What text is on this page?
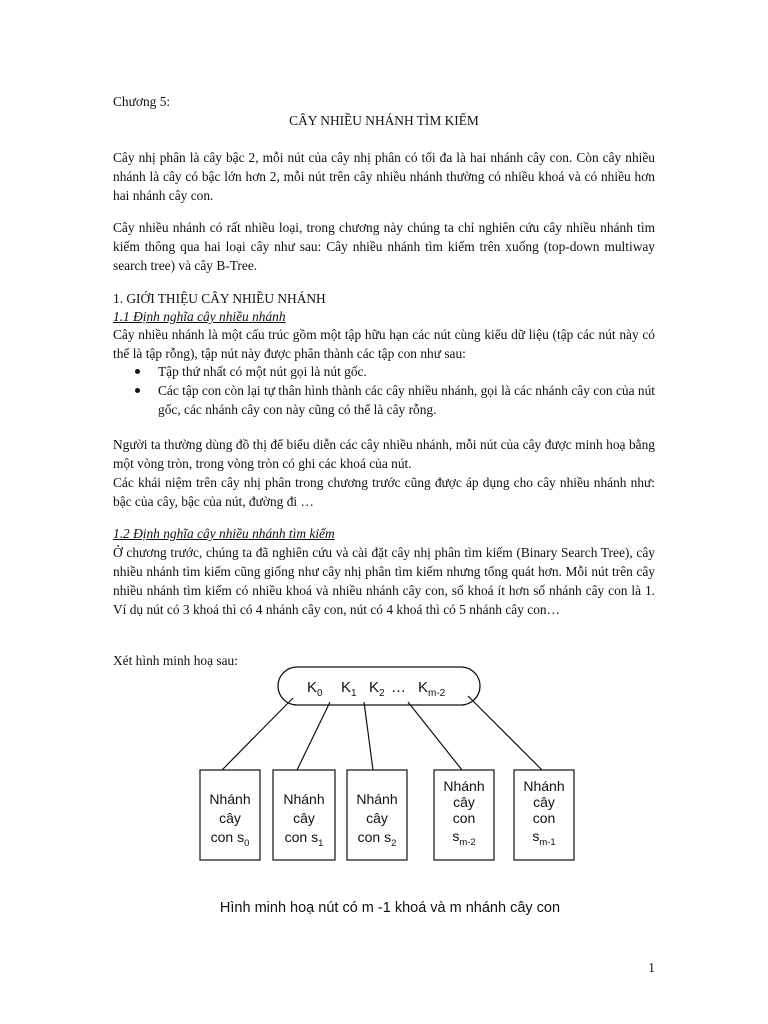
Chương 5:

CÂY NHIỀU NHÁNH TÌM KIẾM

Cây nhị phân là cây bậc 2, mỗi nút của cây nhị phân có tối đa là hai nhánh cây con. Còn cây nhiều nhánh là cây có bậc lớn hơn 2, mỗi nút trên cây nhiều nhánh thường có nhiều khoá và có nhiều hơn hai nhánh cây con.

Cây nhiều nhánh có rất nhiều loại, trong chương này chúng ta chỉ nghiên cứu cây nhiều nhánh tìm kiếm thông qua hai loại cây như sau: Cây nhiều nhánh tìm kiếm trên xuống (top-down multiway search tree) và cây B-Tree.

1. GIỚI THIỆU CÂY NHIỀU NHÁNH

1.1 Định nghĩa cây nhiều nhánh

Cây nhiều nhánh là một cấu trúc gồm một tập hữu hạn các nút cùng kiểu dữ liệu (tập các nút này có thể là tập rỗng), tập nút này được phân thành các tập con như sau:

Tập thứ nhất có một nút gọi là nút gốc.
Các tập con còn lại tự thân hình thành các cây nhiều nhánh, gọi là các nhánh cây con của nút gốc, các nhánh cây con này cũng có thể là cây rỗng.

Người ta thường dùng đồ thị để biểu diễn các cây nhiều nhánh, mỗi nút của cây được minh hoạ bằng một vòng tròn, trong vòng tròn có ghi các khoá của nút.

Các khái niệm trên cây nhị phân trong chương trước cũng được áp dụng cho cây nhiều nhánh như: bậc của cây, bậc của nút, đường đi …

1.2 Định nghĩa cây nhiều nhánh tìm kiếm

Ở chương trước, chúng ta đã nghiên cứu và cài đặt cây nhị phân tìm kiếm (Binary Search Tree), cây nhiều nhánh tìm kiếm cũng giống như cây nhị phân tìm kiếm nhưng tổng quát hơn. Mỗi nút trên cây nhiều nhánh tìm kiếm có nhiều khoá và nhiều nhánh cây con, số khoá ít hơn số nhánh cây con là 1. Ví dụ nút có 3 khoá thì có 4 nhánh cây con, nút có 4 khoá thì có 5 nhánh cây con…

Xét hình minh hoạ sau:

$K_0$ $K_1$ $K_2$ … $K_{m-2}$
Nhánh
cây
con $s_0$
Nhánh
cây
con $s_1$
Nhánh
cây
con $s_2$
Nhánh
cây
con
$s_{m-2}$
Nhánh
cây
con
$s_{m-1}$
Hình minh hoạ nút có m -1 khoá và m nhánh cây con
1
